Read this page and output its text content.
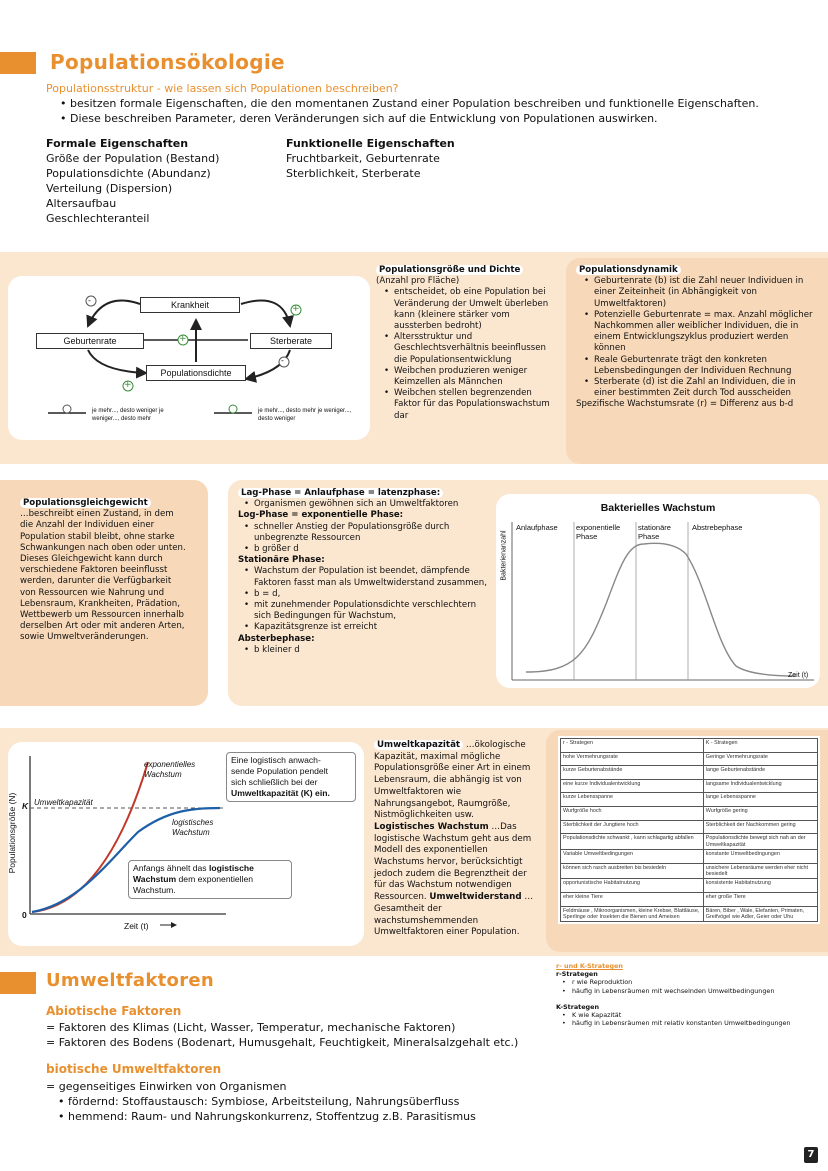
Populationsökologie
Populationsstruktur - wie lassen sich Populationen beschreiben?
• besitzen formale Eigenschaften, die den momentanen Zustand einer Population beschreiben und funktionelle Eigenschaften.
• Diese beschreiben Parameter, deren Veränderungen sich auf die Entwicklung von Populationen auswirken.
Formale Eigenschaften
Größe der Population (Bestand)
Populationsdichte (Abundanz)
Verteilung (Dispersion)
Altersaufbau
Geschlechteranteil
Funktionelle Eigenschaften
Fruchtbarkeit, Geburtenrate
Sterblichkeit, Sterberate
Krankheit
Geburtenrate	Sterberate
Populationsdichte
-
+
+
-
+
je mehr..., desto weniger je weniger..., desto mehr
je mehr..., desto mehr je weniger..., desto weniger
Populationsgröße und Dichte
(Anzahl pro Fläche)
• entscheidet, ob eine Population bei Veränderung der Umwelt überleben kann (kleinere stärker vom aussterben bedroht)
• Altersstruktur und Geschlechtsverhältnis beeinflussen die Populationsentwicklung
• Weibchen produzieren weniger Keimzellen als Männchen
• Weibchen stellen begrenzenden Faktor für das Populationswachstum dar
Populationsdynamik
• Geburtenrate (b) ist die Zahl neuer Individuen in einer Zeiteinheit (in Abhängigkeit von Umweltfaktoren)
• Potenzielle Geburtenrate = max. Anzahl möglicher Nachkommen aller weiblicher Individuen, die in einem Entwicklungszyklus produziert werden können
• Reale Geburtenrate trägt den konkreten Lebensbedingungen der Individuen Rechnung
• Sterberate (d) ist die Zahl an Individuen, die in einer bestimmten Zeit durch Tod ausscheiden
Spezifische Wachstumsrate (r) = Differenz aus b-d
Populationsgleichgewicht
…beschreibt einen Zustand, in dem die Anzahl der Individuen einer Population stabil bleibt, ohne starke Schwankungen nach oben oder unten. Dieses Gleichgewicht kann durch verschiedene Faktoren beeinflusst werden, darunter die Verfügbarkeit von Ressourcen wie Nahrung und Lebensraum, Krankheiten, Prädation, Wettbewerb um Ressourcen innerhalb derselben Art oder mit anderen Arten, sowie Umweltveränderungen.
Lag-Phase = Anlaufphase = latenzphase:
• Organismen gewöhnen sich an Umweltfaktoren
Log-Phase = exponentielle Phase:
• schneller Anstieg der Populationsgröße durch unbegrenzte Ressourcen
• b größer d
Stationäre Phase:
• Wachstum der Population ist beendet, dämpfende Faktoren fasst man als Umweltwiderstand zusammen,
• b = d,
• mit zunehmender Populationsdichte verschlechtern sich Bedingungen für Wachstum,
• Kapazitätsgrenze ist erreicht
Absterbephase:
• b kleiner d
Bakterielles Wachstum
Bakterienanzahl
Zeit (t)
Anlaufphase exponentielle
Phase
stationäre
Phase
Abstrebephase
Populationsgröße (N) K Umweltkapazität
0
Zeit (t)
exponentielles
Wachstum
logistisches
Wachstum
Eine logistisch anwach-
sende Population pendelt
sich schließlich bei der
Umweltkapazität (K) ein.
Anfangs ähnelt das logistische
Wachstum dem exponentiellen
Wachstum.
Umweltkapazität …ökologische Kapazität, maximal mögliche Populationsgröße einer Art in einem Lebensraum, die abhängig ist von Umweltfaktoren wie Nahrungsangebot, Raumgröße, Nistmöglichkeiten usw. Logistisches Wachstum …Das logistische Wachstum geht aus dem Modell des exponentiellen Wachstums hervor, berücksichtigt jedoch zudem die Begrenztheit der für das Wachstum notwendigen Ressourcen. Umweltwiderstand …Gesamtheit der wachstumshemmenden Umweltfaktoren einer Population.
r - Strategen	K - Strategen
hohe Vermehrungsrate	Geringe Vermehrungsrate
kurze Geburtenabstände	lange Geburtenabstände
eine kurze Individualentwicklung	langsame Individualentwicklung
kurze Lebensspanne	lange Lebensspanne
Wurfgröße hoch	Wurfgröße gering
Sterblichkeit der Jungtiere hoch	Sterblichkeit der Nachkommen gering
Populationsdichte schwankt , kann schlagartig abfallen	Populationsdichte bewegt sich nah an der Umweltkapazität
Variable Umweltbedingungen	konstante Umweltbedingungen
können sich rasch ausbreiten bis besiedeln	unsichere Lebensräume werden eher nicht besiedelt
opportunistische Habitatnutzung	konsistente Habitatnutzung
eher kleine Tiere	eher große Tiere
Feldmäuse , Mikroorganismen, kleine Krebse, Blattläuse, Sperlinge oder Insekten die Bienen und Ameisen	Bären, Biber , Wale, Elefanten, Primaten, Greifvögel wie Adler, Geier oder Uhu
r- und K-Strategen
r-Strategen
• r wie Reproduktion
• häufig in Lebensräumen mit wechselnden Umweltbedingungen
K-Strategen
• K wie Kapazität
• häufig in Lebensräumen mit relativ konstanten Umweltbedingungen
Umweltfaktoren
Abiotische Faktoren
= Faktoren des Klimas (Licht, Wasser, Temperatur, mechanische Faktoren)
= Faktoren des Bodens (Bodenart, Humusgehalt, Feuchtigkeit, Mineralsalzgehalt etc.)
biotische Umweltfaktoren
= gegenseitiges Einwirken von Organismen
• fördernd: Stoffaustausch: Symbiose, Arbeitsteilung, Nahrungsüberfluss
• hemmend: Raum- und Nahrungskonkurrenz, Stoffentzug z.B. Parasitismus
7
